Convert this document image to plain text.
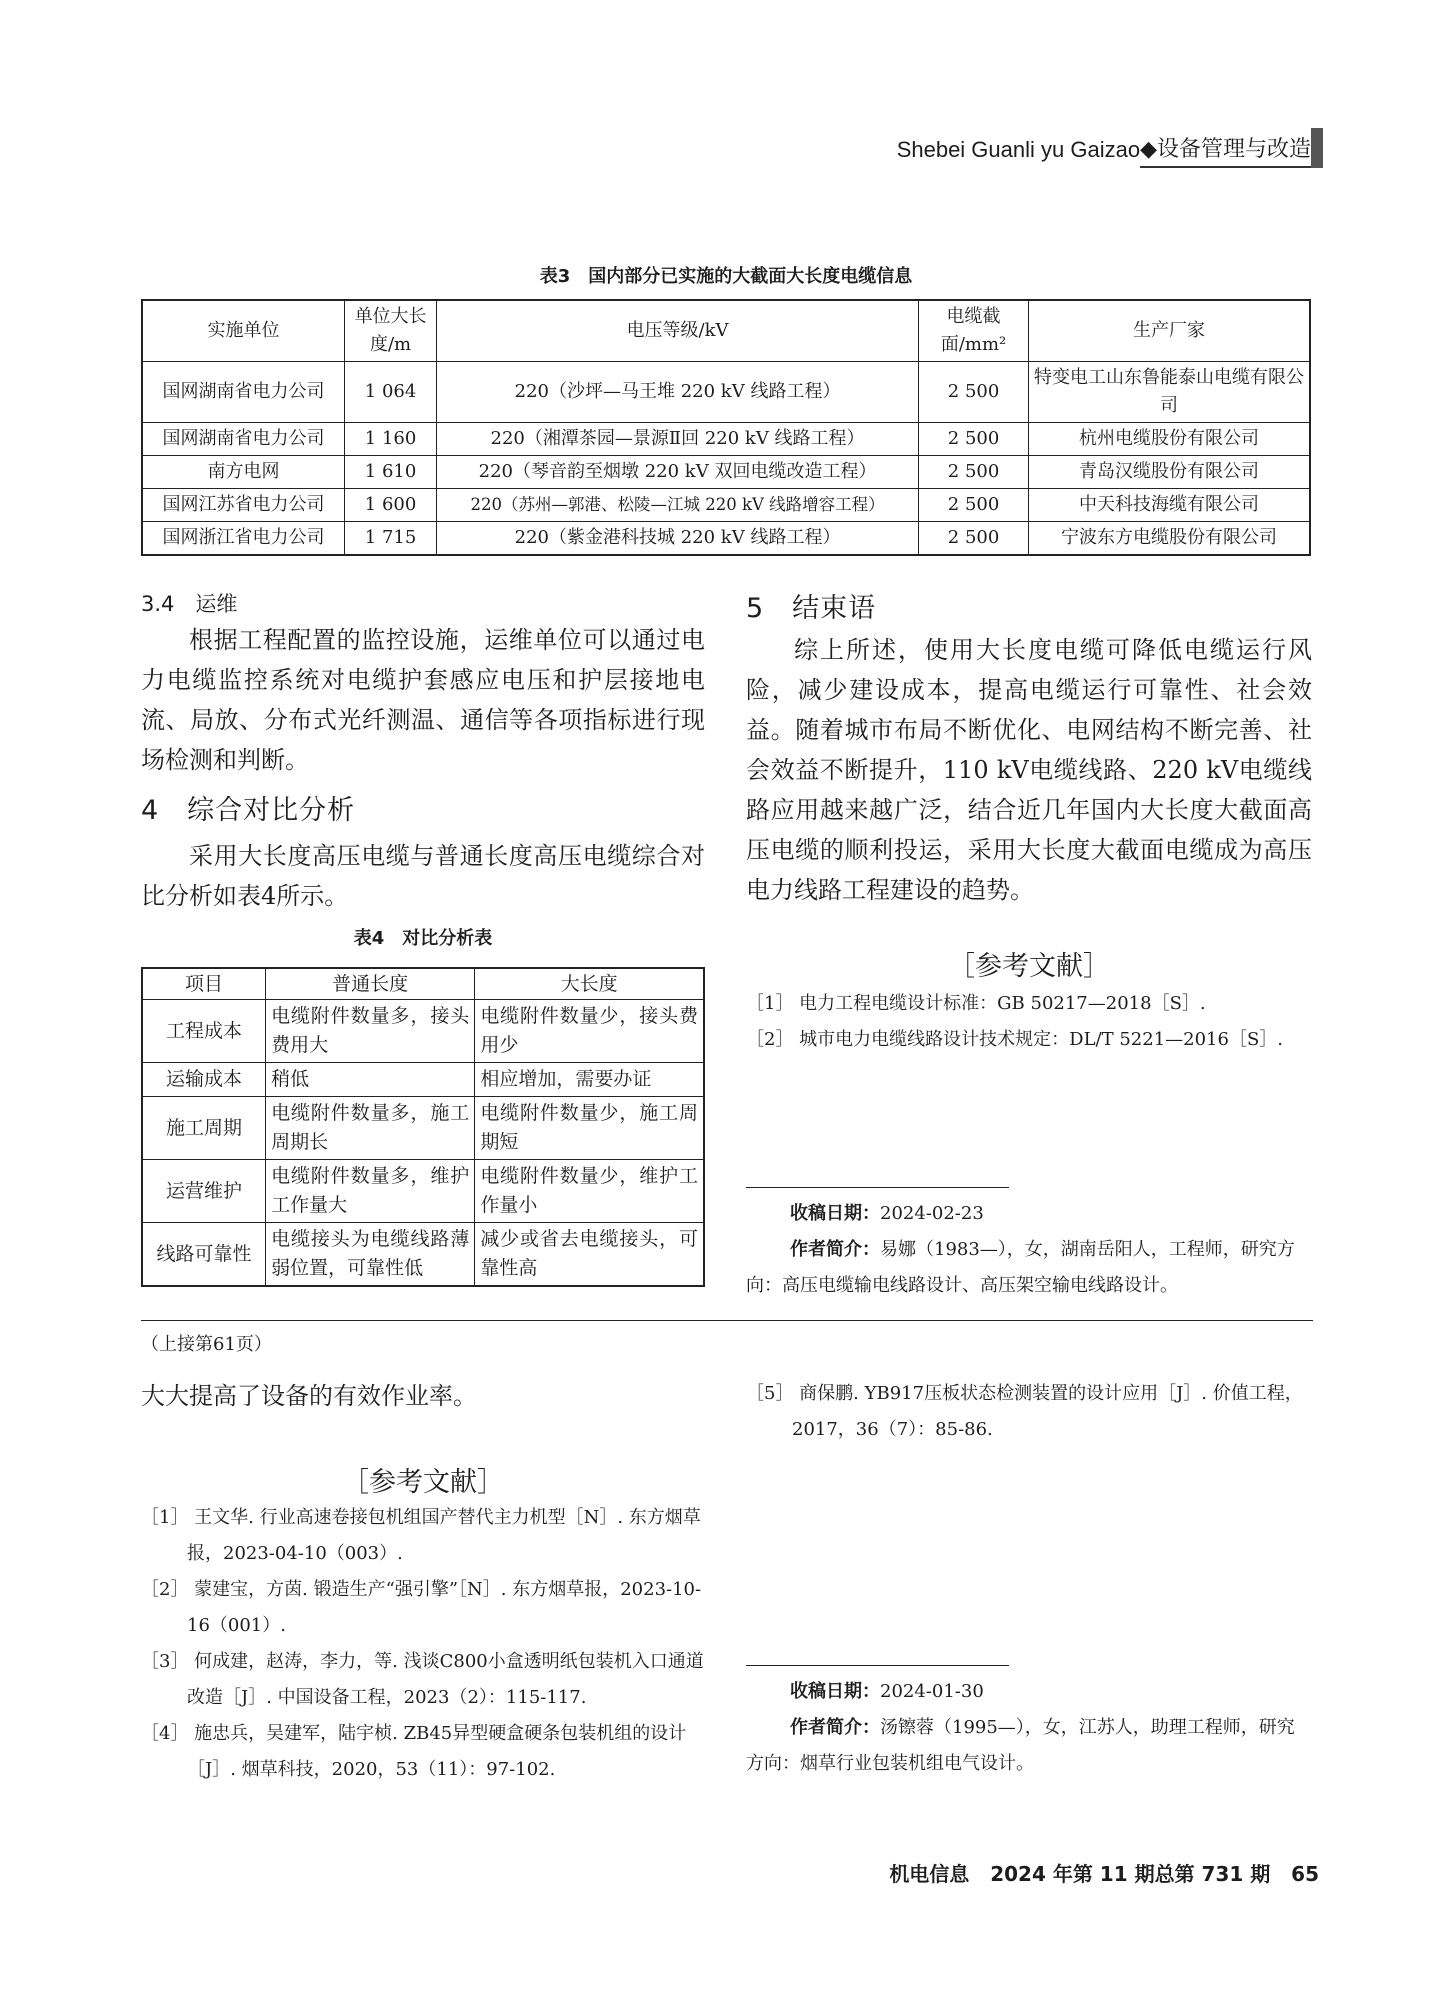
Shebei Guanli yu Gaizao ◆设备管理与改造
表3　国内部分已实施的大截面大长度电缆信息
实施单位	单位大长度/m	电压等级/kV	电缆截面/mm²	生产厂家
国网湖南省电力公司	1 064	220（沙坪—马王堆 220 kV 线路工程）	2 500	特变电工山东鲁能泰山电缆有限公司
国网湖南省电力公司	1 160	220（湘潭茶园—景源Ⅱ回 220 kV 线路工程）	2 500	杭州电缆股份有限公司
南方电网	1 610	220（琴音韵至烟墩 220 kV 双回电缆改造工程）	2 500	青岛汉缆股份有限公司
国网江苏省电力公司	1 600	220（苏州—郭港、松陵—江城 220 kV 线路增容工程）	2 500	中天科技海缆有限公司
国网浙江省电力公司	1 715	220（紫金港科技城 220 kV 线路工程）	2 500	宁波东方电缆股份有限公司
3.4　运维
根据工程配置的监控设施，运维单位可以通过电力电缆监控系统对电缆护套感应电压和护层接地电流、局放、分布式光纤测温、通信等各项指标进行现场检测和判断。
4　综合对比分析
采用大长度高压电缆与普通长度高压电缆综合对比分析如表4所示。
表4　对比分析表
项目	普通长度	大长度
工程成本	电缆附件数量多，接头费用大	电缆附件数量少，接头费用少
运输成本	稍低	相应增加，需要办证
施工周期	电缆附件数量多，施工周期长	电缆附件数量少，施工周期短
运营维护	电缆附件数量多，维护工作量大	电缆附件数量少，维护工作量小
线路可靠性	电缆接头为电缆线路薄弱位置，可靠性低	减少或省去电缆接头，可靠性高
5　结束语
综上所述，使用大长度电缆可降低电缆运行风险，减少建设成本，提高电缆运行可靠性、社会效益。随着城市布局不断优化、电网结构不断完善、社会效益不断提升，110 kV电缆线路、220 kV电缆线路应用越来越广泛，结合近几年国内大长度大截面高压电缆的顺利投运，采用大长度大截面电缆成为高压电力线路工程建设的趋势。
［参考文献］
［1］ 电力工程电缆设计标准：GB 50217—2018［S］.
［2］ 城市电力电缆线路设计技术规定：DL/T 5221—2016［S］.
收稿日期：2024-02-23
作者简介：易娜（1983—），女，湖南岳阳人，工程师，研究方向：高压电缆输电线路设计、高压架空输电线路设计。
（上接第61页）
大大提高了设备的有效作业率。
［参考文献］
［1］ 王文华. 行业高速卷接包机组国产替代主力机型［N］. 东方烟草报，2023-04-10（003）.
［2］ 蒙建宝，方茵. 锻造生产“强引擎”［N］. 东方烟草报，2023-10-16（001）.
［3］ 何成建，赵涛，李力，等. 浅谈C800小盒透明纸包装机入口通道改造［J］. 中国设备工程，2023（2）：115-117.
［4］ 施忠兵，吴建军，陆宇桢. ZB45异型硬盒硬条包装机组的设计［J］. 烟草科技，2020，53（11）：97-102.
［5］ 商保鹏. YB917压板状态检测装置的设计应用［J］. 价值工程，2017，36（7）：85-86.
收稿日期：2024-01-30
作者简介：汤镲蓉（1995—），女，江苏人，助理工程师，研究方向：烟草行业包装机组电气设计。
机电信息 2024 年第 11 期总第 731 期 65
